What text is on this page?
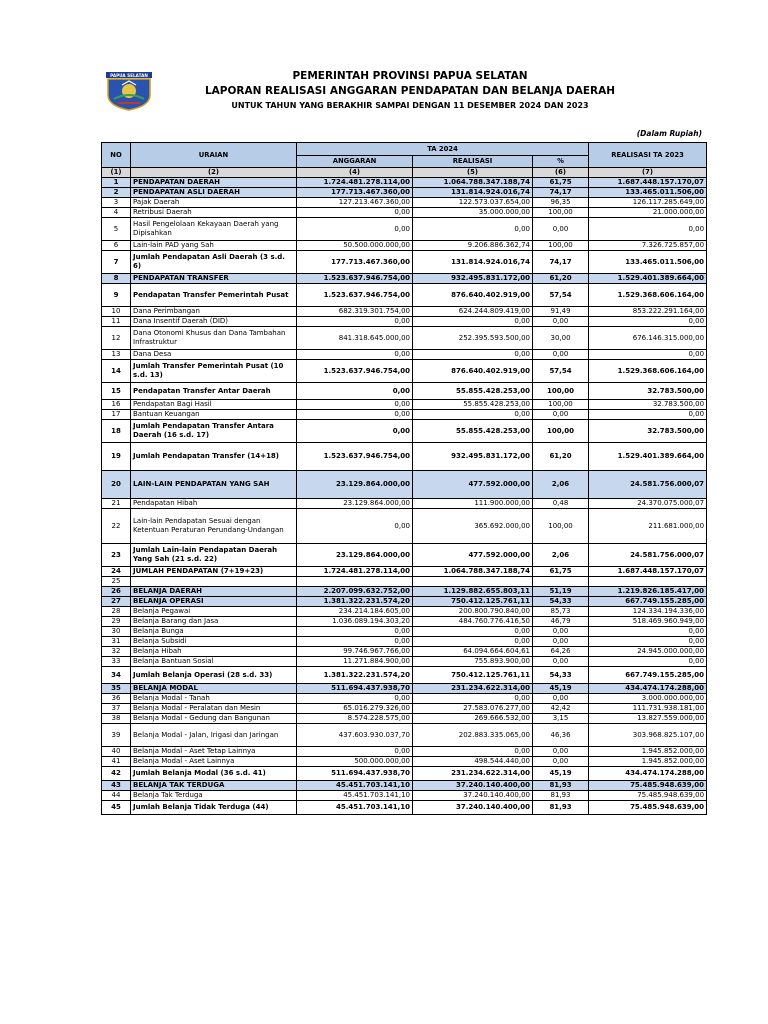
PAPUA SELATAN	PEMERINTAH PROVINSI PAPUA SELATAN
LAPORAN REALISASI ANGGARAN PENDAPATAN DAN BELANJA DAERAH
UNTUK TAHUN YANG BERAKHIR SAMPAI DENGAN 11 DESEMBER 2024 DAN 2023
(Dalam Rupiah)
NO	URAIAN	TA 2024			REALISASI TA 2023
		ANGGARAN	REALISASI	%	
(1)	(2)	(4)	(5)	(6)	(7)
1	PENDAPATAN DAERAH	1.724.481.278.114,00	1.064.788.347.188,74	61,75	1.687.448.157.170,07
2	PENDAPATAN ASLI DAERAH	177.713.467.360,00	131.814.924.016,74	74,17	133.465.011.506,00
3	Pajak Daerah	127.213.467.360,00	122.573.037.654,00	96,35	126.117.285.649,00
4	Retribusi Daerah	0,00	35.000.000,00	100,00	21.000.000,00
5	Hasil Pengelolaan Kekayaan Daerah yang Dipisahkan	0,00	0,00	0,00	0,00
6	Lain-lain PAD yang Sah	50.500.000.000,00	9.206.886.362,74	100,00	7.326.725.857,00
7	Jumlah Pendapatan Asli Daerah (3 s.d. 6)	177.713.467.360,00	131.814.924.016,74	74,17	133.465.011.506,00
8	PENDAPATAN TRANSFER	1.523.637.946.754,00	932.495.831.172,00	61,20	1.529.401.389.664,00
9	Pendapatan Transfer Pemerintah Pusat	1.523.637.946.754,00	876.640.402.919,00	57,54	1.529.368.606.164,00
10	Dana Perimbangan	682.319.301.754,00	624.244.809.419,00	91,49	853.222.291.164,00
11	Dana Insentif Daerah (DID)	0,00	0,00	0,00	0,00
12	Dana Otonomi Khusus dan Dana Tambahan Infrastruktur	841.318.645.000,00	252.395.593.500,00	30,00	676.146.315.000,00
13	Dana Desa	0,00	0,00	0,00	0,00
14	Jumlah Transfer Pemerintah Pusat (10 s.d. 13)	1.523.637.946.754,00	876.640.402.919,00	57,54	1.529.368.606.164,00
15	Pendapatan Transfer Antar Daerah	0,00	55.855.428.253,00	100,00	32.783.500,00
16	Pendapatan Bagi Hasil	0,00	55.855.428.253,00	100,00	32.783.500,00
17	Bantuan Keuangan	0,00	0,00	0,00	0,00
18	Jumlah Pendapatan Transfer Antara Daerah (16 s.d. 17)	0,00	55.855.428.253,00	100,00	32.783.500,00
19	Jumlah Pendapatan Transfer (14+18)	1.523.637.946.754,00	932.495.831.172,00	61,20	1.529.401.389.664,00
20	LAIN-LAIN PENDAPATAN YANG SAH	23.129.864.000,00	477.592.000,00	2,06	24.581.756.000,07
21	Pendapatan Hibah	23.129.864.000,00	111.900.000,00	0,48	24.370.075.000,07
22	Lain-lain Pendapatan Sesuai dengan Ketentuan Peraturan Perundang-Undangan	0,00	365.692.000,00	100,00	211.681.000,00
23	Jumlah Lain-lain Pendapatan Daerah Yang Sah (21 s.d. 22)	23.129.864.000,00	477.592.000,00	2,06	24.581.756.000,07
24	JUMLAH PENDAPATAN (7+19+23)	1.724.481.278.114,00	1.064.788.347.188,74	61,75	1.687.448.157.170,07
25					
26	BELANJA DAERAH	2.207.099.632.752,00	1.129.882.655.803,11	51,19	1.219.826.185.417,00
27	BELANJA OPERASI	1.381.322.231.574,20	750.412.125.761,11	54,33	667.749.155.285,00
28	Belanja Pegawai	234.214.184.605,00	200.800.790.840,00	85,73	124.334.194.336,00
29	Belanja Barang dan Jasa	1.036.089.194.303,20	484.760.776.416,50	46,79	518.469.960.949,00
30	Belanja Bunga	0,00	0,00	0,00	0,00
31	Belanja Subsidi	0,00	0,00	0,00	0,00
32	Belanja Hibah	99.746.967.766,00	64.094.664.604,61	64,26	24.945.000.000,00
33	Belanja Bantuan Sosial	11.271.884.900,00	755.893.900,00	0,00	0,00
34	Jumlah Belanja Operasi (28 s.d. 33)	1.381.322.231.574,20	750.412.125.761,11	54,33	667.749.155.285,00
35	BELANJA MODAL	511.694.437.938,70	231.234.622.314,00	45,19	434.474.174.288,00
36	Belanja Modal - Tanah	0,00	0,00	0,00	3.000.000.000,00
37	Belanja Modal - Peralatan dan Mesin	65.016.279.326,00	27.583.076.277,00	42,42	111.731.938.181,00
38	Belanja Modal - Gedung dan Bangunan	8.574.228.575,00	269.666.532,00	3,15	13.827.559.000,00
39	Belanja Modal - Jalan, Irigasi dan Jaringan	437.603.930.037,70	202.883.335.065,00	46,36	303.968.825.107,00
40	Belanja Modal - Aset Tetap Lainnya	0,00	0,00	0,00	1.945.852.000,00
41	Belanja Modal - Aset Lainnya	500.000.000,00	498.544.440,00	0,00	1.945.852.000,00
42	Jumlah Belanja Modal (36 s.d. 41)	511.694.437.938,70	231.234.622.314,00	45,19	434.474.174.288,00
43	BELANJA TAK TERDUGA	45.451.703.141,10	37.240.140.400,00	81,93	75.485.948.639,00
44	Belanja Tak Terduga	45.451.703.141,10	37.240.140.400,00	81,93	75.485.948.639,00
45	Jumlah Belanja Tidak Terduga (44)	45.451.703.141,10	37.240.140.400,00	81,93	75.485.948.639,00
